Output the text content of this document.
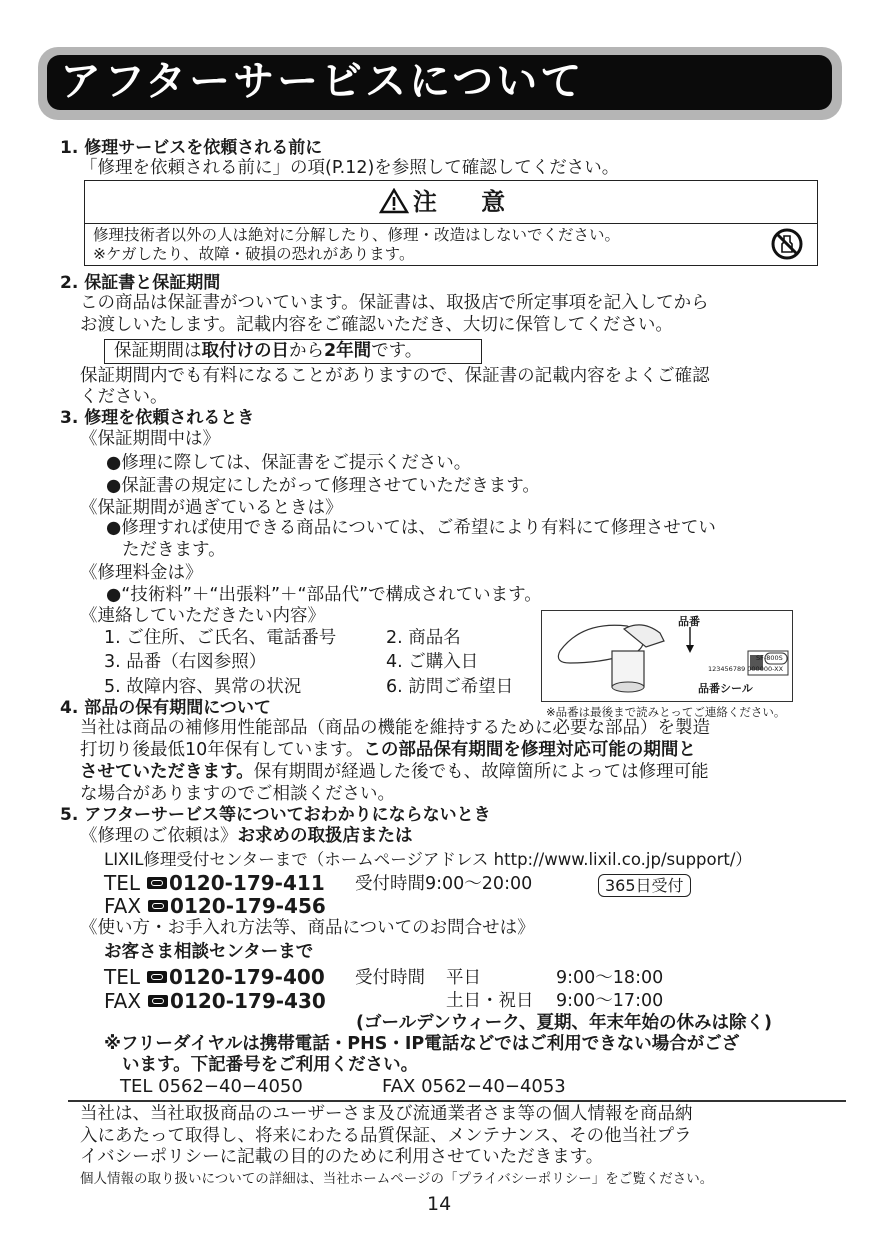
アフターサービスについて
1. 修理サービスを依頼される前に
「修理を依頼される前に」の項(P.12)を参照して確認してください。
注 意
修理技術者以外の人は絶対に分解したり、修理・改造はしないでください。
※ケガしたり、故障・破損の恐れがあります。
2. 保証書と保証期間
この商品は保証書がついています。保証書は、取扱店で所定事項を記入してから
お渡しいたします。記載内容をご確認いただき、大切に保管してください。
保証期間は取付けの日から2年間です。
保証期間内でも有料になることがありますので、保証書の記載内容をよくご確認
ください。
3. 修理を依頼されるとき
《保証期間中は》
●修理に際しては、保証書をご提示ください。
●保証書の規定にしたがって修理させていただきます。
《保証期間が過ぎているときは》
●修理すれば使用できる商品については、ご希望により有料にて修理させてい
ただきます。
《修理料金は》
●“技術料”＋“出張料”＋“部品代”で構成されています。
《連絡していただきたい内容》
1. ご住所、ご氏名、電話番号	2. 商品名
3. 品番（右図参照）	4. ご購入日
5. 故障内容、異常の状況	6. 訪問ご希望日
品番
SF-800S
123456789 000000-XX
品番シール
※品番は最後まで読みとってご連絡ください。
4. 部品の保有期間について
当社は商品の補修用性能部品（商品の機能を維持するために必要な部品）を製造
打切り後最低10年保有しています。この部品保有期間を修理対応可能の期間と
させていただきます。保有期間が経過した後でも、故障箇所によっては修理可能
な場合がありますのでご相談ください。
5. アフターサービス等についておわかりにならないとき
《修理のご依頼は》お求めの取扱店または
LIXIL修理受付センターまで（ホームページアドレス http://www.lixil.co.jp/support/）
TEL 0120-179-411 受付時間9:00～20:00	365日受付
FAX 0120-179-456
《使い方・お手入れ方法等、商品についてのお問合せは》
お客さま相談センターまで
TEL 0120-179-400 受付時間 平日	9:00～18:00
FAX 0120-179-430	土日・祝日 9:00～17:00
(ゴールデンウィーク、夏期、年末年始の休みは除く)
※フリーダイヤルは携帯電話・PHS・IP電話などではご利用できない場合がござ
います。下記番号をご利用ください。
TEL 0562−40−4050	FAX 0562−40−4053
当社は、当社取扱商品のユーザーさま及び流通業者さま等の個人情報を商品納
入にあたって取得し、将来にわたる品質保証、メンテナンス、その他当社プラ
イバシーポリシーに記載の目的のために利用させていただきます。
個人情報の取り扱いについての詳細は、当社ホームページの「プライバシーポリシー」をご覧ください。
14
